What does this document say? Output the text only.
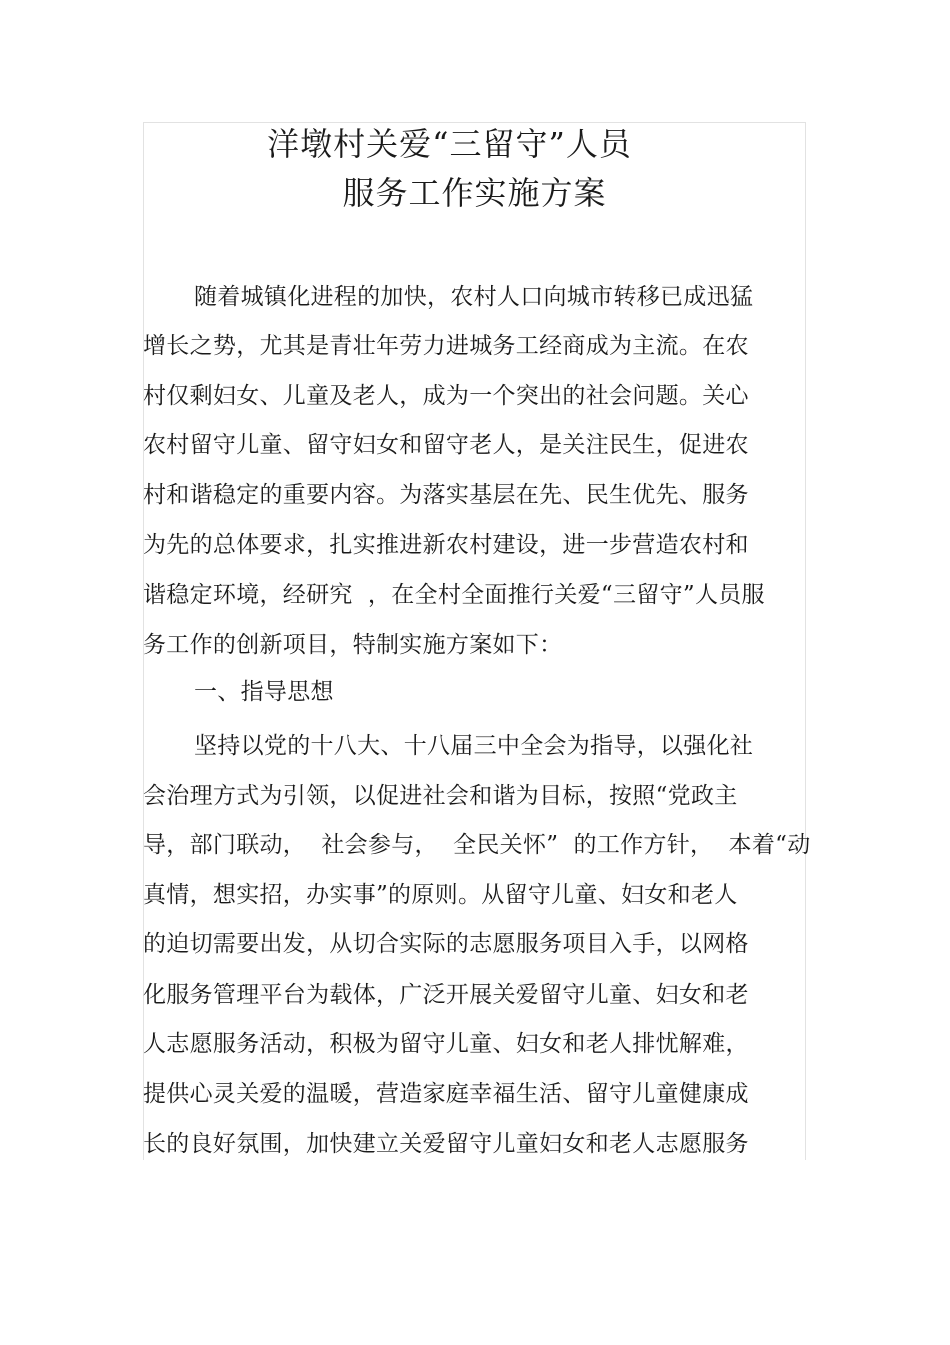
洋墩村关爱“三留守”人员
服务工作实施方案
随着城镇化进程的加快，农村人口向城市转移已成迅猛
增长之势，尤其是青壮年劳力进城务工经商成为主流。在农
村仅剩妇女、儿童及老人，成为一个突出的社会问题。关心
农村留守儿童、留守妇女和留守老人，是关注民生，促进农
村和谐稳定的重要内容。为落实基层在先、民生优先、服务
为先的总体要求，扎实推进新农村建设，进一步营造农村和
谐稳定环境，经研究  ，在全村全面推行关爱“三留守”人员服
务工作的创新项目，特制实施方案如下：
一、指导思想
坚持以党的十八大、十八届三中全会为指导，以强化社
会治理方式为引领，以促进社会和谐为目标，按照“党政主
导，部门联动，  社会参与，  全民关怀”  的工作方针，  本着“动
真情，想实招，办实事”的原则。从留守儿童、妇女和老人
的迫切需要出发，从切合实际的志愿服务项目入手，以网格
化服务管理平台为载体，广泛开展关爱留守儿童、妇女和老
人志愿服务活动，积极为留守儿童、妇女和老人排忧解难，
提供心灵关爱的温暖，营造家庭幸福生活、留守儿童健康成
长的良好氛围，加快建立关爱留守儿童妇女和老人志愿服务
